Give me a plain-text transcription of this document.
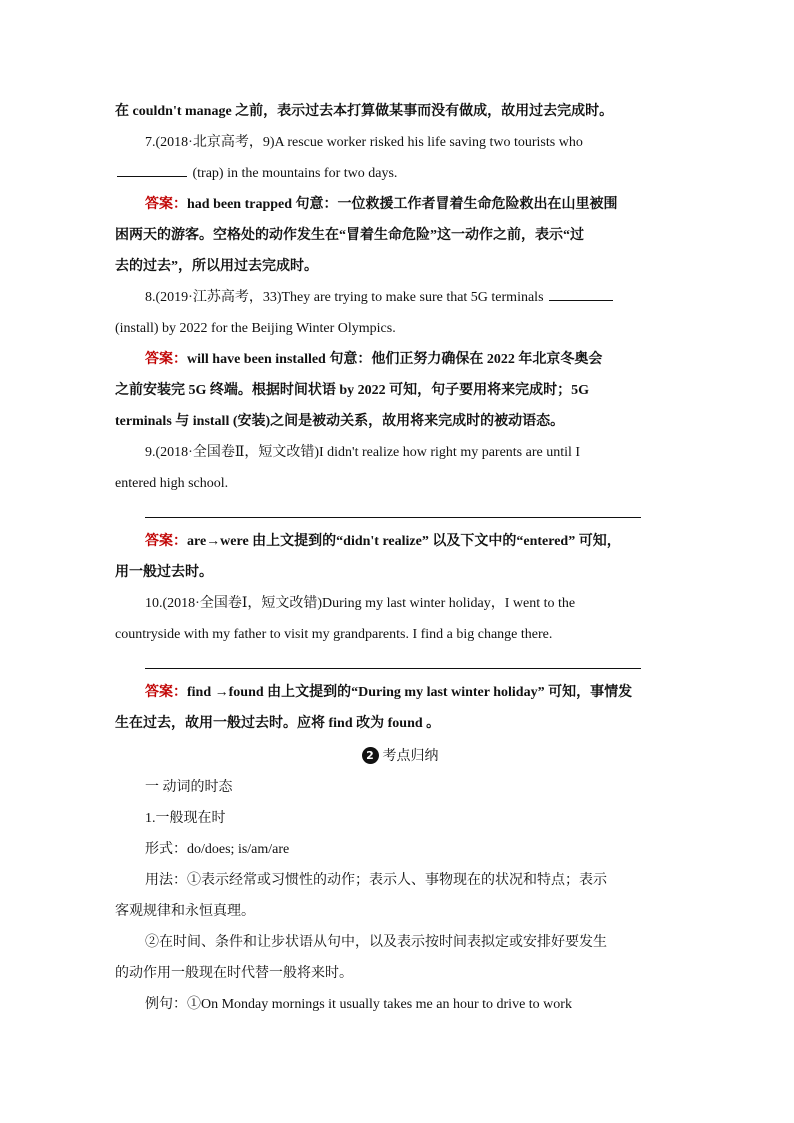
在 couldn't manage 之前，表示过去本打算做某事而没有做成，故用过去完成时。
7.(2018·北京高考，9)A rescue worker risked his life saving two tourists who
(trap) in the mountains for two days.
答案：had been trapped 句意：一位救援工作者冒着生命危险救出在山里被围
困两天的游客。空格处的动作发生在“冒着生命危险”这一动作之前，表示“过
去的过去”，所以用过去完成时。
8.(2019·江苏高考，33)They are trying to make sure that 5G terminals
(install) by 2022 for the Beijing Winter Olympics.
答案：will have been installed 句意：他们正努力确保在 2022 年北京冬奥会
之前安装完 5G 终端。根据时间状语 by 2022 可知，句子要用将来完成时；5G
terminals 与 install (安装)之间是被动关系，故用将来完成时的被动语态。
9.(2018·全国卷Ⅱ，短文改错)I didn't realize how right my parents are until I
entered high school.
答案：are→were 由上文提到的“didn't realize” 以及下文中的“entered” 可知，
用一般过去时。
10.(2018·全国卷Ⅰ，短文改错)During my last winter holiday，I went to the
countryside with my father to visit my grandparents. I find a big change there.
答案：find →found 由上文提到的“During my last winter holiday” 可知，事情发
生在过去，故用一般过去时。应将 find 改为 found 。
2 考点归纳
一 动词的时态
1.一般现在时
形式：do/does; is/am/are
用法：①表示经常或习惯性的动作；表示人、事物现在的状况和特点；表示
客观规律和永恒真理。
②在时间、条件和让步状语从句中，以及表示按时间表拟定或安排好要发生
的动作用一般现在时代替一般将来时。
例句：①On Monday mornings it usually takes me an hour to drive to work
